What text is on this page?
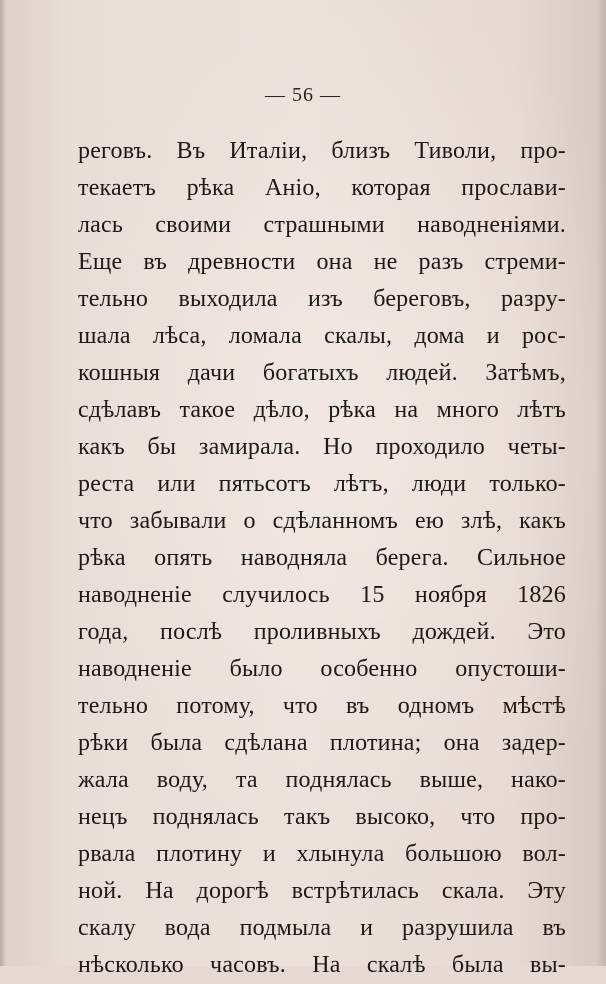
— 56 —
реговъ. Въ Италiи, близъ Тиволи, про-
текаетъ рѣка Анiо, которая прослави-
лась своими страшными наводненiями.
Еще въ древности она не разъ стреми-
тельно выходила изъ береговъ, разру-
шала лѣса, ломала скалы, дома и рос-
кошныя дачи богатыхъ людей. Затѣмъ,
сдѣлавъ такое дѣло, рѣка на много лѣтъ
какъ бы замирала. Но проходило четы-
реста или пятьсотъ лѣтъ, люди только-
что забывали о сдѣланномъ ею злѣ, какъ
рѣка опять наводняла берега. Сильное
наводненiе случилось 15 ноября 1826
года, послѣ проливныхъ дождей. Это
наводненiе было особенно опустоши-
тельно потому, что въ одномъ мѣстѣ
рѣки была сдѣлана плотина; она задер-
жала воду, та поднялась выше, нако-
нецъ поднялась такъ высоко, что про-
рвала плотину и хлынула большою вол-
ной. На дорогѣ встрѣтилась скала. Эту
скалу вода подмыла и разрушила въ
нѣсколько часовъ. На скалѣ была вы-
